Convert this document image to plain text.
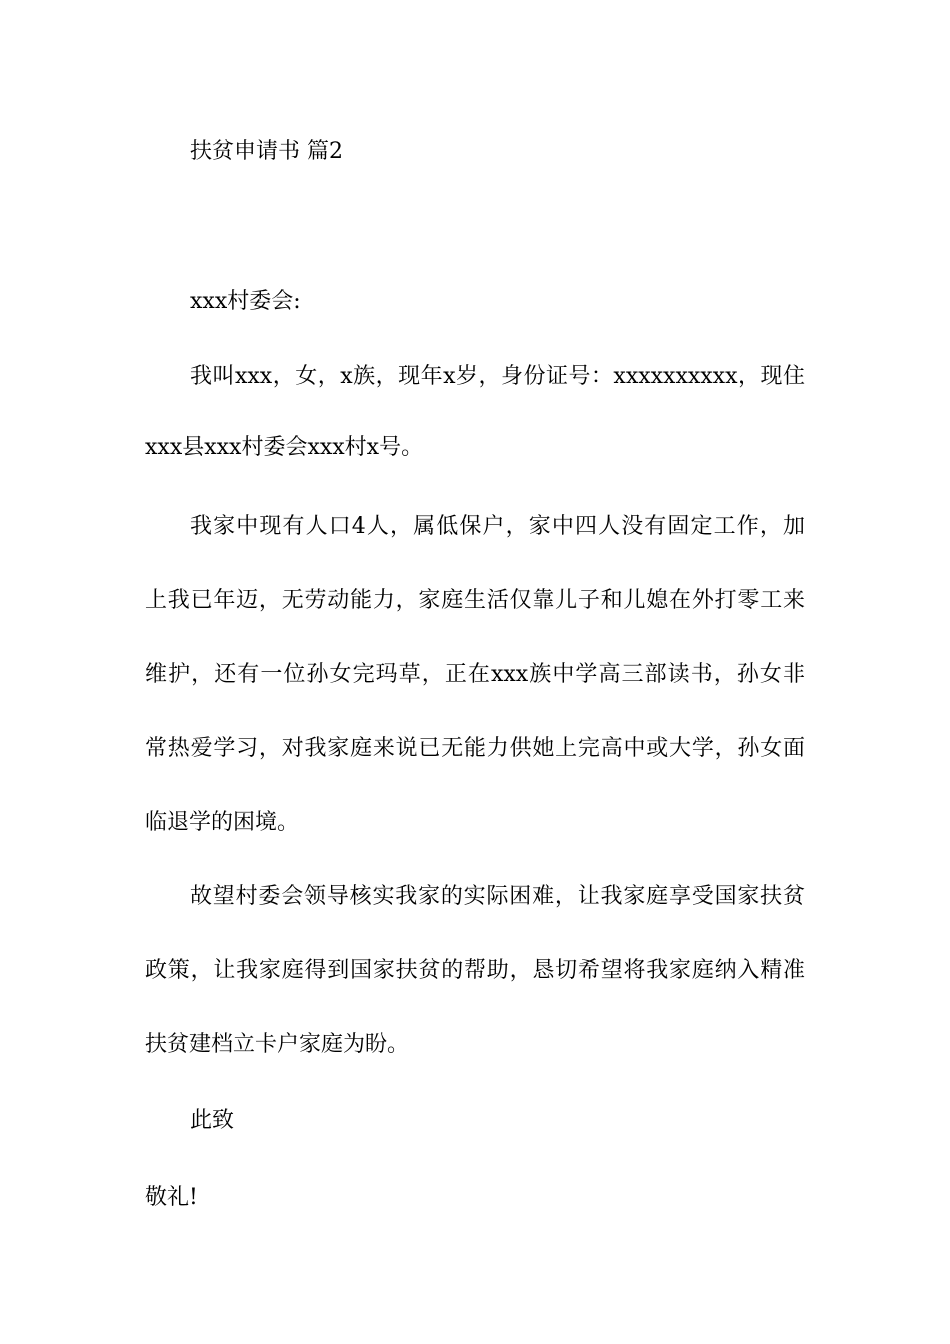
扶贫申请书 篇2
xxx村委会:
我叫xxx，女，x族，现年x岁，身份证号：xxxxxxxxxx，现住
xxx县xxx村委会xxx村x号。
我家中现有人口4人，属低保户，家中四人没有固定工作，加
上我已年迈，无劳动能力，家庭生活仅靠儿子和儿媳在外打零工来
维护，还有一位孙女完玛草，正在xxx族中学高三部读书，孙女非
常热爱学习，对我家庭来说已无能力供她上完高中或大学，孙女面
临退学的困境。
故望村委会领导核实我家的实际困难，让我家庭享受国家扶贫
政策，让我家庭得到国家扶贫的帮助，恳切希望将我家庭纳入精准
扶贫建档立卡户家庭为盼。
此致
敬礼!
